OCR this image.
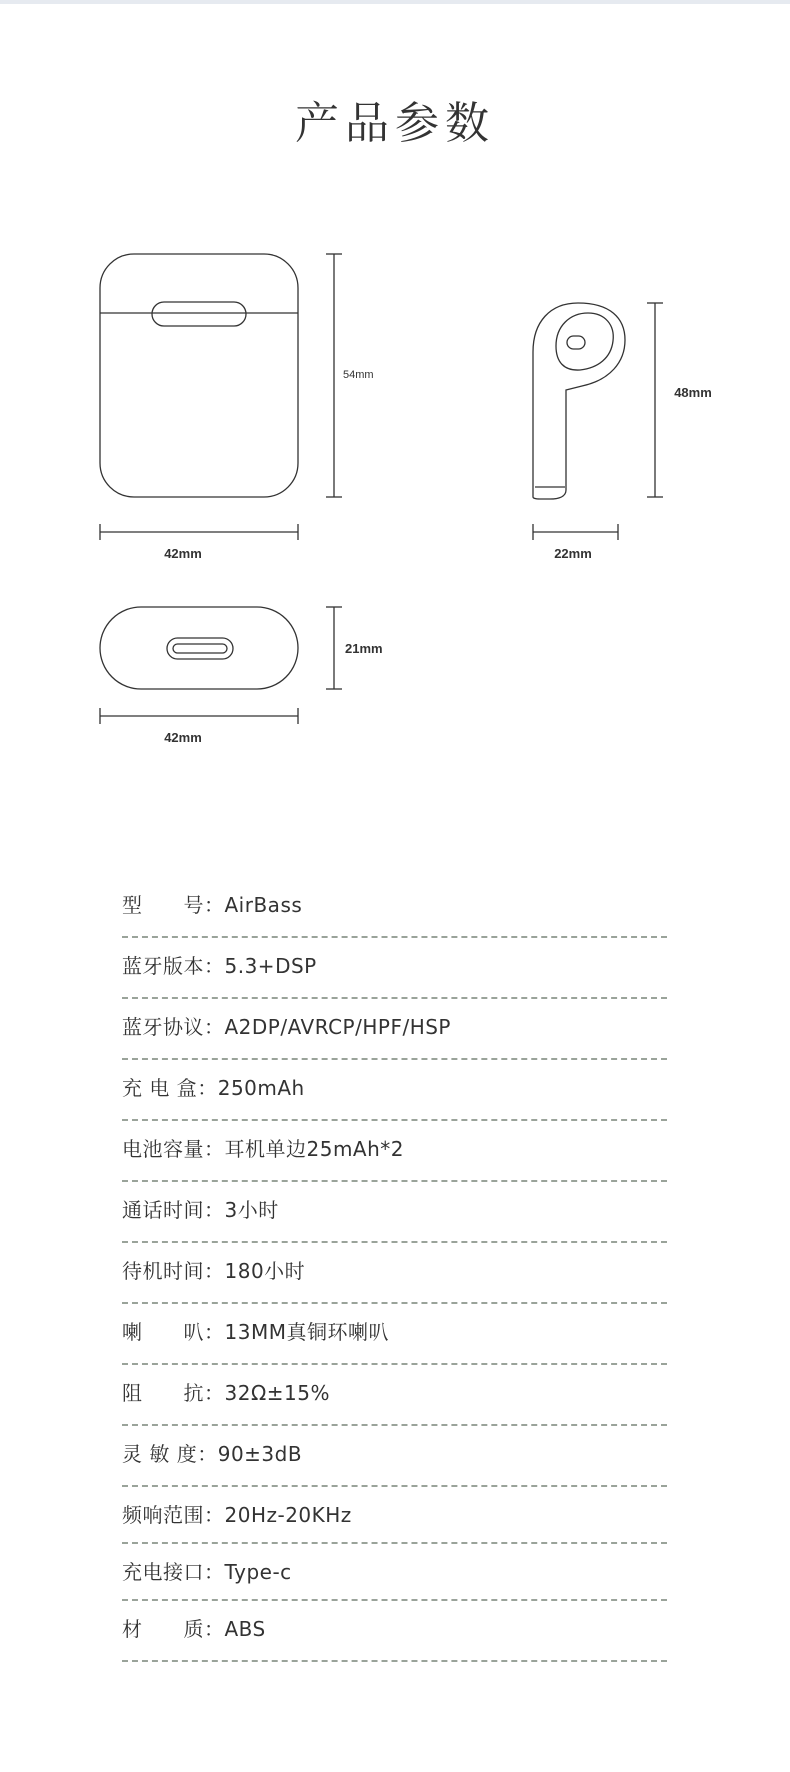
产品参数
54mm
42mm
48mm
22mm
21mm
42mm
型　　号：AirBass
蓝牙版本：5.3+DSP
蓝牙协议：A2DP/AVRCP/HPF/HSP
充 电 盒：250mAh
电池容量：耳机单边25mAh*2
通话时间：3小时
待机时间：180小时
喇　　叭：13MM真铜环喇叭
阻　　抗：32Ω±15%
灵 敏 度：90±3dB
频响范围：20Hz-20KHz
充电接口：Type-c
材　　质：ABS
